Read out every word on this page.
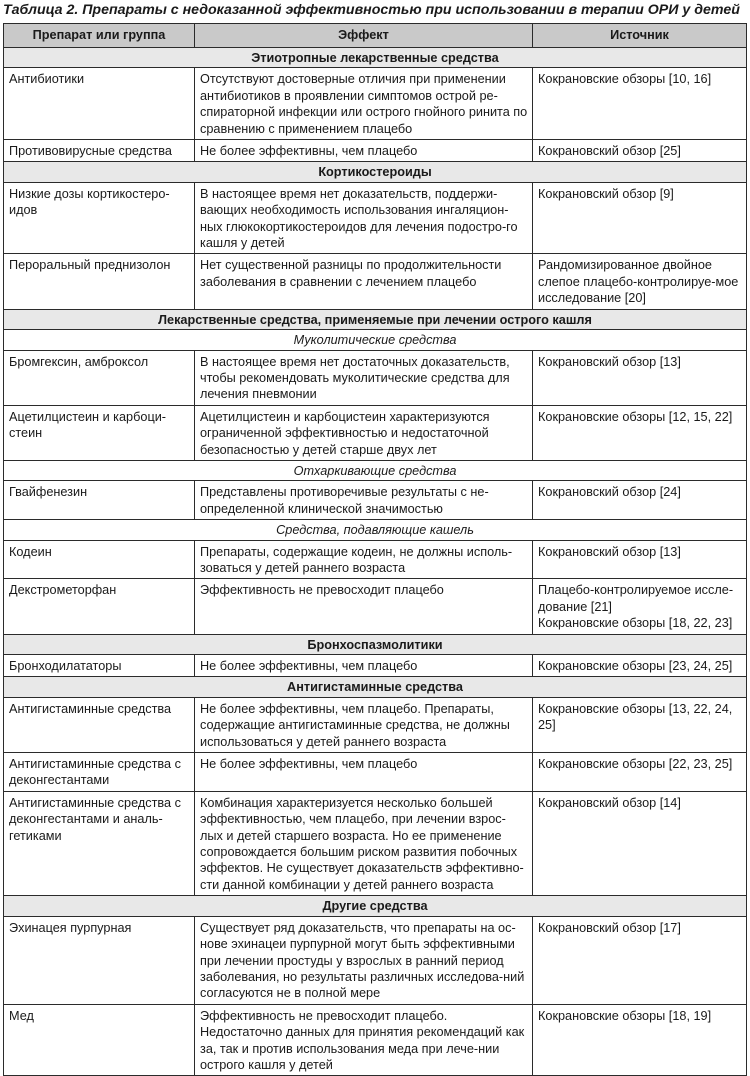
Таблица 2. Препараты с недоказанной эффективностью при использовании в терапии ОРИ у детей
Препарат или группа	Эффект	Источник
Этиотропные лекарственные средства		
Антибиотики	Отсутствуют достоверные отличия при применении антибиотиков в проявлении симптомов острой ре-спираторной инфекции или острого гнойного ринита по сравнению с применением плацебо	Кокрановские обзоры [10, 16]

Противовирусные средства	Не более эффективны, чем плацебо	Кокрановский обзор [25]

Кортикостероиды		
Низкие дозы кортикостеро-идов	В настоящее время нет доказательств, поддержи-вающих необходимость использования ингаляцион-ных глюкокортикостероидов для лечения подостро-го кашля у детей	Кокрановский обзор [9]

Пероральный преднизолон	Нет существенной разницы по продолжительности заболевания в сравнении с лечением плацебо	Рандомизированное двойное слепое плацебо-контролируе-мое исследование [20]

Лекарственные средства, применяемые при лечении острого кашля		
Муколитические средства		
Бромгексин, амброксол	В настоящее время нет достаточных доказательств, чтобы рекомендовать муколитические средства для лечения пневмонии	Кокрановский обзор [13]

Ацетилцистеин и карбоци-стеин	Ацетилцистеин и карбоцистеин характеризуются ограниченной эффективностью и недостаточной безопасностью у детей старше двух лет	Кокрановские обзоры [12, 15, 22]

Отхаркивающие средства		
Гвайфенезин	Представлены противоречивые результаты с не-определенной клинической значимостью	Кокрановский обзор [24]

Средства, подавляющие кашель		
Кодеин	Препараты, содержащие кодеин, не должны исполь-зоваться у детей раннего возраста	Кокрановский обзор [13]

Декстрометорфан	Эффективность не превосходит плацебо	Плацебо-контролируемое иссле-дование [21]
Кокрановские обзоры [18, 22, 23]

Бронхоспазмолитики		
Бронходилататоры	Не более эффективны, чем плацебо	Кокрановские обзоры [23, 24, 25]

Антигистаминные средства		
Антигистаминные средства	Не более эффективны, чем плацебо. Препараты, содержащие антигистаминные средства, не должны использоваться у детей раннего возраста	Кокрановские обзоры [13, 22, 24, 25]

Антигистаминные средства с деконгестантами	Не более эффективны, чем плацебо	Кокрановские обзоры [22, 23, 25]

Антигистаминные средства с деконгестантами и аналь-гетиками	Комбинация характеризуется несколько большей эффективностью, чем плацебо, при лечении взрос-лых и детей старшего возраста. Но ее применение сопровождается большим риском развития побочных эффектов. Не существует доказательств эффективно-сти данной комбинации у детей раннего возраста	Кокрановский обзор [14]

Другие средства		
Эхинацея пурпурная	Существует ряд доказательств, что препараты на ос-нове эхинацеи пурпурной могут быть эффективными при лечении простуды у взрослых в ранний период заболевания, но результаты различных исследова-ний согласуются не в полной мере	Кокрановский обзор [17]

Мед	Эффективность не превосходит плацебо. Недостаточно данных для принятия рекомендаций как за, так и против использования меда при лече-нии острого кашля у детей	Кокрановские обзоры [18, 19]
